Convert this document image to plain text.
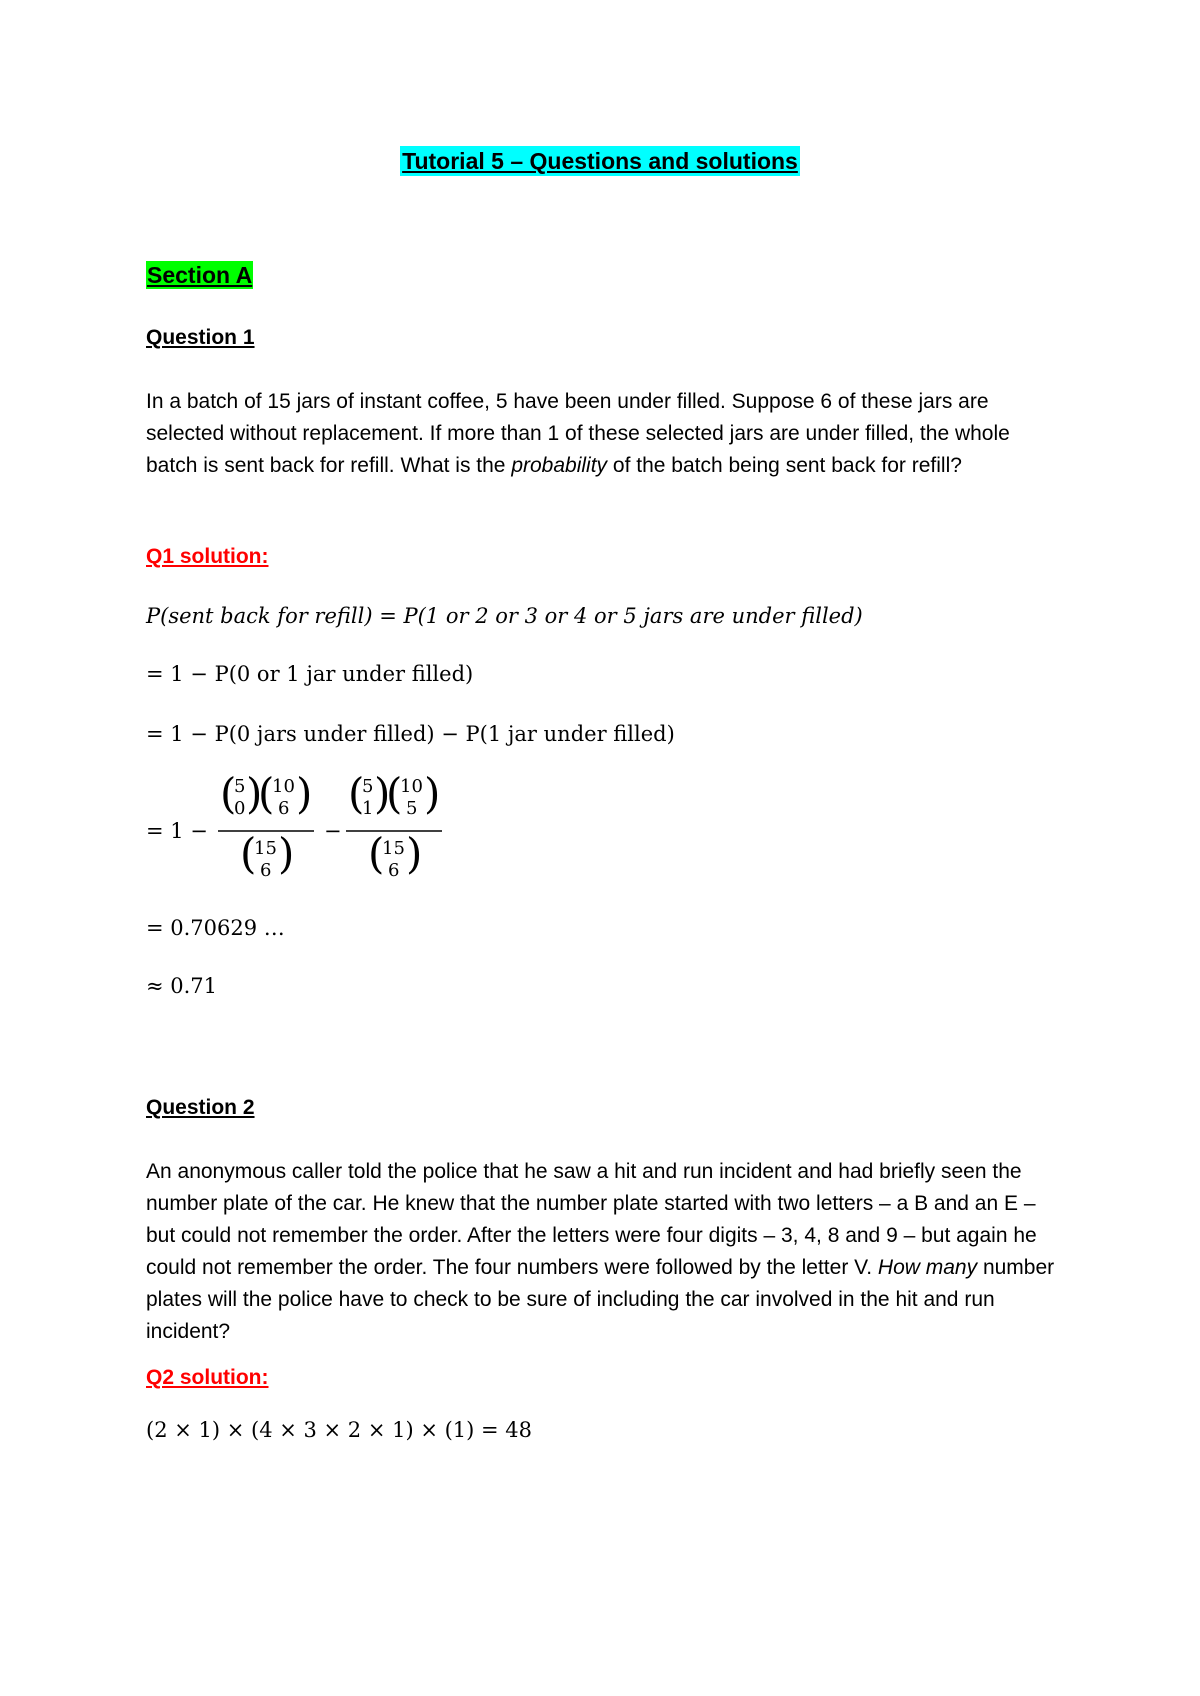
Tutorial 5 – Questions and solutions
Section A
Question 1
In a batch of 15 jars of instant coffee, 5 have been under filled. Suppose 6 of these jars are selected without replacement. If more than 1 of these selected jars are under filled, the whole batch is sent back for refill. What is the probability of the batch being sent back for refill?
Q1 solution:
P(sent back for refill) = P(1 or 2 or 3 or 4 or 5 jars are under filled)
= 1 − P(0 or 1 jar under filled)
= 1 − P(0 jars under filled) − P(1 jar under filled)
= 1 −
(
5
0 )
(
10
6 )
(
15
6 ) −
(
5
1 )
(
10
5 )
(
15
6 )
= 0.70629 …
≈ 0.71
Question 2
An anonymous caller told the police that he saw a hit and run incident and had briefly seen the number plate of the car. He knew that the number plate started with two letters – a B and an E – but could not remember the order. After the letters were four digits – 3, 4, 8 and 9 – but again he could not remember the order. The four numbers were followed by the letter V. How many number plates will the police have to check to be sure of including the car involved in the hit and run incident?
Q2 solution:
(2 × 1) × (4 × 3 × 2 × 1) × (1) = 48
